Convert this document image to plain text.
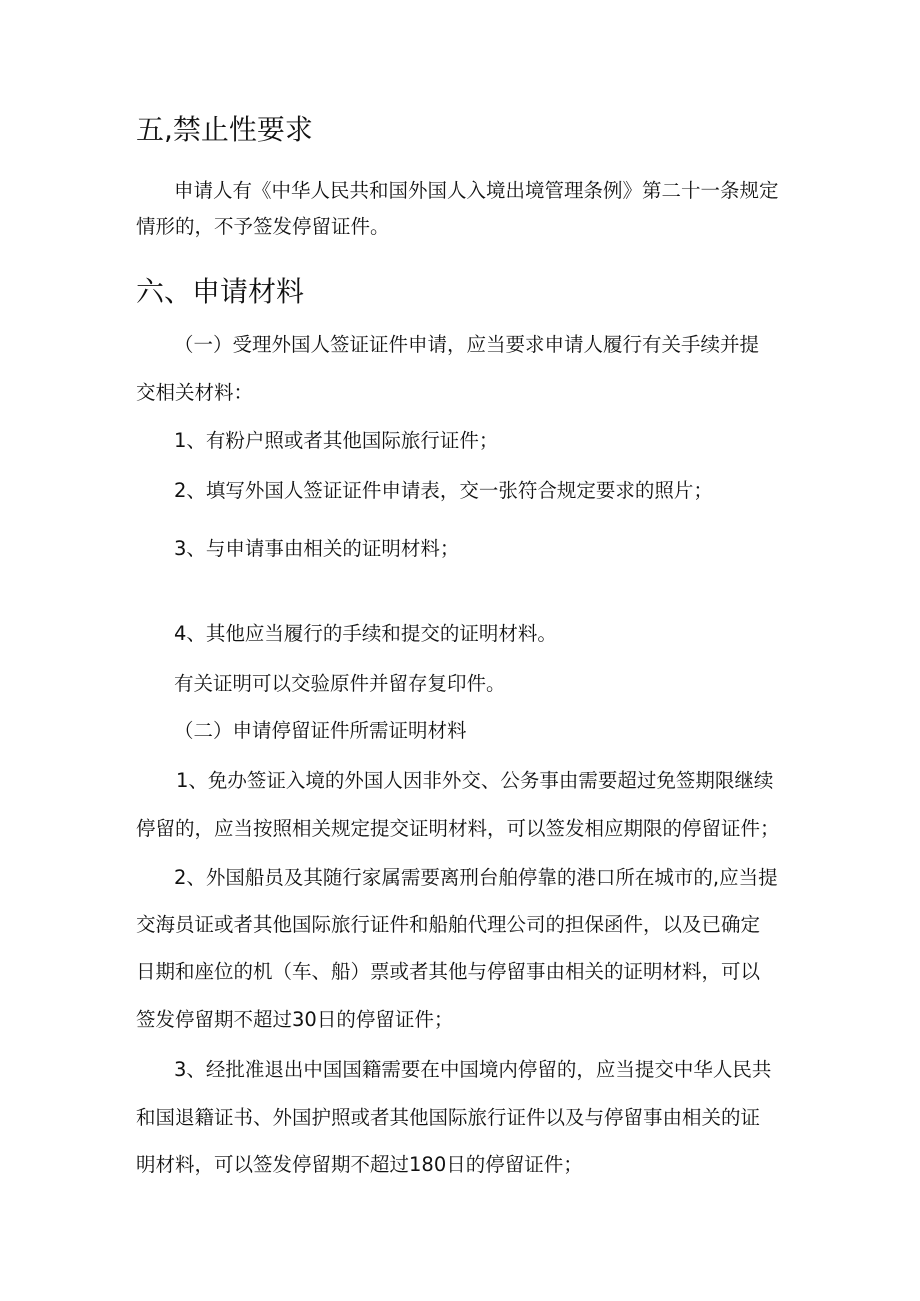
五,禁止性要求
申请人有《中华人民共和国外国人入境出境管理条例》第二十一条规定
情形的，不予签发停留证件。
六、申请材料
（一）受理外国人签证证件申请，应当要求申请人履行有关手续并提
交相关材料：
1、有粉户照或者其他国际旅行证件；
2、填写外国人签证证件申请表，交一张符合规定要求的照片；
3、与申请事由相关的证明材料；
4、其他应当履行的手续和提交的证明材料。
有关证明可以交验原件并留存复印件。
（二）申请停留证件所需证明材料
1、免办签证入境的外国人因非外交、公务事由需要超过免签期限继续
停留的，应当按照相关规定提交证明材料，可以签发相应期限的停留证件；
2、外国船员及其随行家属需要离刑台舶停靠的港口所在城市的,应当提
交海员证或者其他国际旅行证件和船舶代理公司的担保函件，以及已确定
日期和座位的机（车、船）票或者其他与停留事由相关的证明材料，可以
签发停留期不超过30日的停留证件；
3、经批准退出中国国籍需要在中国境内停留的，应当提交中华人民共
和国退籍证书、外国护照或者其他国际旅行证件以及与停留事由相关的证
明材料，可以签发停留期不超过180日的停留证件；
